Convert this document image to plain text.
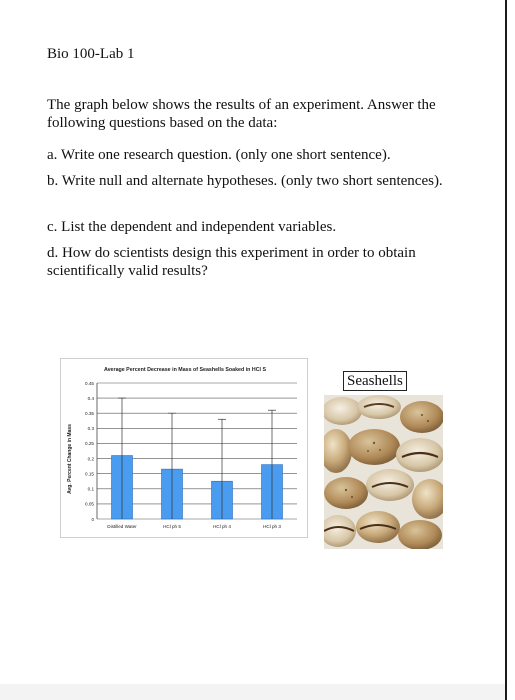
Bio 100-Lab 1
The graph below shows the results of an experiment. Answer the following questions based on the data:
a. Write one research question. (only one short sentence).
b. Write null and alternate hypotheses. (only two short sentences).
c. List the dependent and independent variables.
d. How do scientists design this experiment in order to obtain scientifically valid results?
Average Percent Decrease in Mass of Seashells Soaked in HCl S
Avg. Percent Change in Mass
0
0.05
0.1
0.15
0.2
0.25
0.3
0.35
0.4
0.45
Distilled Water	HCl ph 5	HCl ph 4	HCl ph 3
Seashells
